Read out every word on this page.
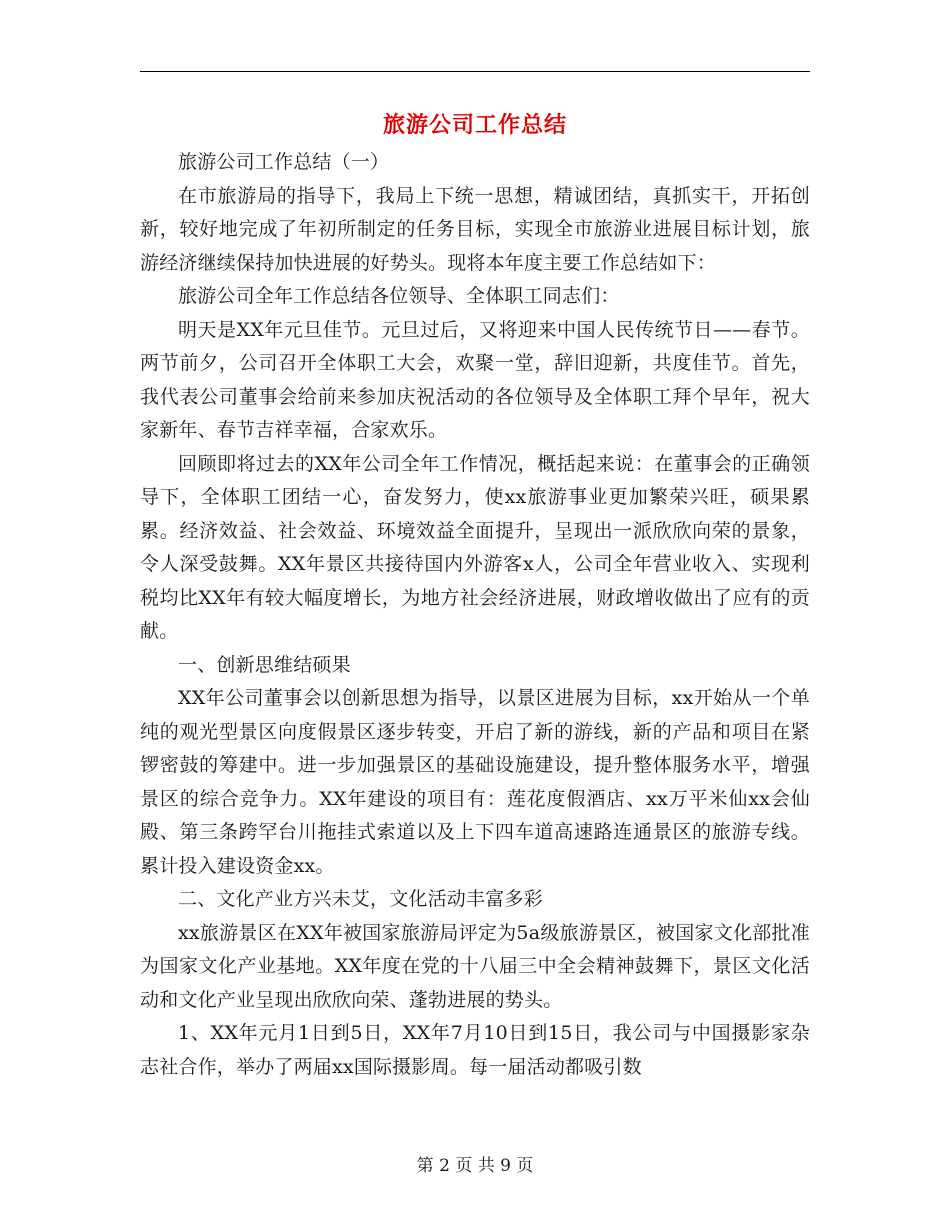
旅游公司工作总结

旅游公司工作总结（一）

在市旅游局的指导下，我局上下统一思想，精诚团结，真抓实干，开拓创新，较好地完成了年初所制定的任务目标，实现全市旅游业进展目标计划，旅游经济继续保持加快进展的好势头。现将本年度主要工作总结如下：

旅游公司全年工作总结各位领导、全体职工同志们：

明天是XX年元旦佳节。元旦过后，又将迎来中国人民传统节日——春节。两节前夕，公司召开全体职工大会，欢聚一堂，辞旧迎新，共度佳节。首先，我代表公司董事会给前来参加庆祝活动的各位领导及全体职工拜个早年，祝大家新年、春节吉祥幸福，合家欢乐。

回顾即将过去的XX年公司全年工作情况，概括起来说：在董事会的正确领导下，全体职工团结一心，奋发努力，使xx旅游事业更加繁荣兴旺，硕果累累。经济效益、社会效益、环境效益全面提升，呈现出一派欣欣向荣的景象，令人深受鼓舞。XX年景区共接待国内外游客x人，公司全年营业收入、实现利税均比XX年有较大幅度增长，为地方社会经济进展，财政增收做出了应有的贡献。

一、创新思维结硕果

XX年公司董事会以创新思想为指导，以景区进展为目标，xx开始从一个单纯的观光型景区向度假景区逐步转变，开启了新的游线，新的产品和项目在紧锣密鼓的筹建中。进一步加强景区的基础设施建设，提升整体服务水平，增强景区的综合竞争力。XX年建设的项目有：莲花度假酒店、xx万平米仙xx会仙殿、第三条跨罕台川拖挂式索道以及上下四车道高速路连通景区的旅游专线。累计投入建设资金xx。

二、文化产业方兴未艾，文化活动丰富多彩

xx旅游景区在XX年被国家旅游局评定为5a级旅游景区，被国家文化部批准为国家文化产业基地。XX年度在党的十八届三中全会精神鼓舞下，景区文化活动和文化产业呈现出欣欣向荣、蓬勃进展的势头。

1、XX年元月1日到5日，XX年7月10日到15日，我公司与中国摄影家杂志社合作，举办了两届xx国际摄影周。每一届活动都吸引数

第 2 页 共 9 页
